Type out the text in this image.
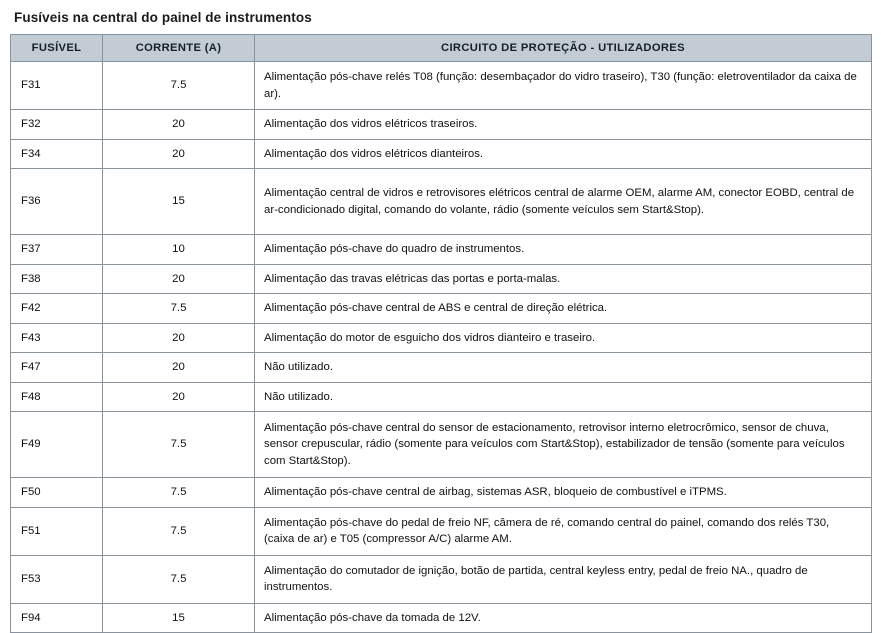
Fusíveis na central do painel de instrumentos
FUSÍVEL	CORRENTE (A)	CIRCUITO DE PROTEÇÃO - UTILIZADORES
F31	7.5	Alimentação pós-chave relés T08 (função: desembaçador do vidro traseiro), T30 (função: eletroventilador da caixa de ar).
F32	20	Alimentação dos vidros elétricos traseiros.
F34	20	Alimentação dos vidros elétricos dianteiros.
F36	15	Alimentação central de vidros e retrovisores elétricos central de alarme OEM, alarme AM, conector EOBD, central de ar-condicionado digital, comando do volante, rádio (somente veículos sem Start&Stop).
F37	10	Alimentação pós-chave do quadro de instrumentos.
F38	20	Alimentação das travas elétricas das portas e porta-malas.
F42	7.5	Alimentação pós-chave central de ABS e central de direção elétrica.
F43	20	Alimentação do motor de esguicho dos vidros dianteiro e traseiro.
F47	20	Não utilizado.
F48	20	Não utilizado.
F49	7.5	Alimentação pós-chave central do sensor de estacionamento, retrovisor interno eletrocrômico, sensor de chuva, sensor crepuscular, rádio (somente para veículos com Start&Stop), estabilizador de tensão (somente para veículos com Start&Stop).
F50	7.5	Alimentação pós-chave central de airbag, sistemas ASR, bloqueio de combustível e iTPMS.
F51	7.5	Alimentação pós-chave do pedal de freio NF, câmera de ré, comando central do painel, comando dos relés T30, (caixa de ar) e T05 (compressor A/C) alarme AM.
F53	7.5	Alimentação do comutador de ignição, botão de partida, central keyless entry, pedal de freio NA., quadro de instrumentos.
F94	15	Alimentação pós-chave da tomada de 12V.
